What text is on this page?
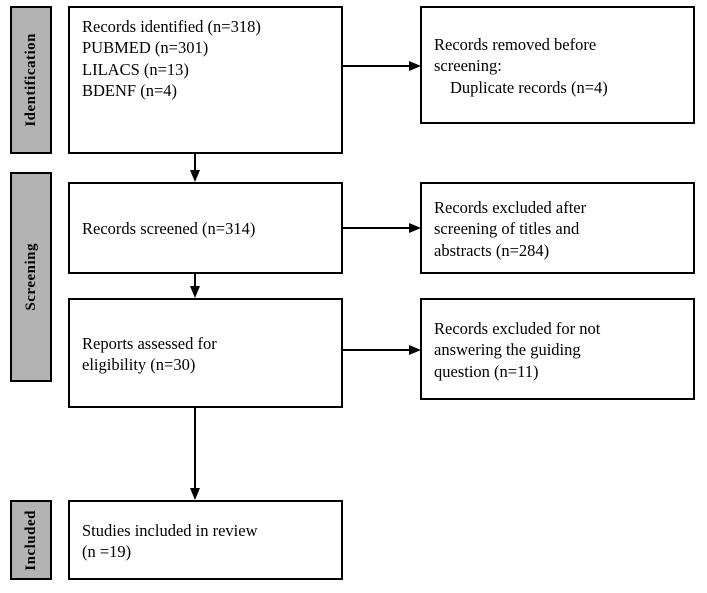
Identification
Screening
Included
Records identified (n=318)
PUBMED (n=301)
LILACS (n=13)
BDENF (n=4)
Records removed before
screening:
Duplicate records (n=4)
Records screened (n=314)
Records excluded after
screening of titles and
abstracts (n=284)
Reports assessed for
eligibility (n=30)
Records excluded for not
answering the guiding
question (n=11)
Studies included in review
(n =19)
